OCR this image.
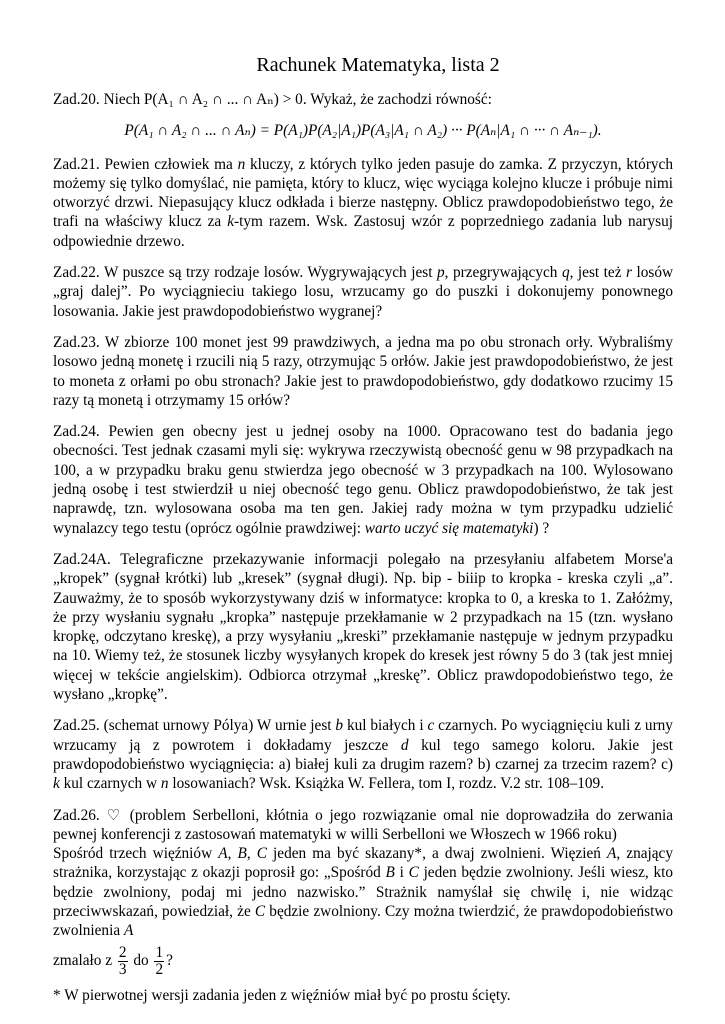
Rachunek Matematyka, lista 2

Zad.20. Niech P(A₁ ∩ A₂ ∩ ... ∩ Aₙ) > 0. Wykaż, że zachodzi równość:

P(A₁ ∩ A₂ ∩ ... ∩ Aₙ) = P(A₁)P(A₂|A₁)P(A₃|A₁ ∩ A₂) ··· P(Aₙ|A₁ ∩ ··· ∩ Aₙ₋₁).

Zad.21. Pewien człowiek ma n kluczy, z których tylko jeden pasuje do zamka. Z przyczyn, których możemy się tylko domyślać, nie pamięta, który to klucz, więc wyciąga kolejno klucze i próbuje nimi otworzyć drzwi. Niepasujący klucz odkłada i bierze następny. Oblicz prawdopodobieństwo tego, że trafi na właściwy klucz za k-tym razem. Wsk. Zastosuj wzór z poprzedniego zadania lub narysuj odpowiednie drzewo.

Zad.22. W puszce są trzy rodzaje losów. Wygrywających jest p, przegrywających q, jest też r losów „graj dalej”. Po wyciągnieciu takiego losu, wrzucamy go do puszki i dokonujemy ponownego losowania. Jakie jest prawdopodobieństwo wygranej?

Zad.23. W zbiorze 100 monet jest 99 prawdziwych, a jedna ma po obu stronach orły. Wybraliśmy losowo jedną monetę i rzucili nią 5 razy, otrzymując 5 orłów. Jakie jest prawdopodobieństwo, że jest to moneta z orłami po obu stronach? Jakie jest to prawdopodobieństwo, gdy dodatkowo rzucimy 15 razy tą monetą i otrzymamy 15 orłów?

Zad.24. Pewien gen obecny jest u jednej osoby na 1000. Opracowano test do badania jego obecności. Test jednak czasami myli się: wykrywa rzeczywistą obecność genu w 98 przypadkach na 100, a w przypadku braku genu stwierdza jego obecność w 3 przypadkach na 100. Wylosowano jedną osobę i test stwierdził u niej obecność tego genu. Oblicz prawdopodobieństwo, że tak jest naprawdę, tzn. wylosowana osoba ma ten gen. Jakiej rady można w tym przypadku udzielić wynalazcy tego testu (oprócz ogólnie prawdziwej: warto uczyć się matematyki) ?

Zad.24A. Telegraficzne przekazywanie informacji polegało na przesyłaniu alfabetem Morse'a „kropek” (sygnał krótki) lub „kresek” (sygnał długi). Np. bip - biiip to kropka - kreska czyli „a”. Zauważmy, że to sposób wykorzystywany dziś w informatyce: kropka to 0, a kreska to 1. Załóżmy, że przy wysłaniu sygnału „kropka” następuje przekłamanie w 2 przypadkach na 15 (tzn. wysłano kropkę, odczytano kreskę), a przy wysyłaniu „kreski” przekłamanie następuje w jednym przypadku na 10. Wiemy też, że stosunek liczby wysyłanych kropek do kresek jest równy 5 do 3 (tak jest mniej więcej w tekście angielskim). Odbiorca otrzymał „kreskę”. Oblicz prawdopodobieństwo tego, że wysłano „kropkę”.

Zad.25. (schemat urnowy Pólya) W urnie jest b kul białych i c czarnych. Po wyciągnięciu kuli z urny wrzucamy ją z powrotem i dokładamy jeszcze d kul tego samego koloru. Jakie jest prawdopodobieństwo wyciągnięcia: a) białej kuli za drugim razem? b) czarnej za trzecim razem? c) k kul czarnych w n losowaniach? Wsk. Książka W. Fellera, tom I, rozdz. V.2 str. 108–109.

Zad.26. ♡ (problem Serbelloni, kłótnia o jego rozwiązanie omal nie doprowadziła do zerwania pewnej konferencji z zastosowań matematyki w willi Serbelloni we Włoszech w 1966 roku)

Spośród trzech więźniów A, B, C jeden ma być skazany*, a dwaj zwolnieni. Więzień A, znający strażnika, korzystając z okazji poprosił go: „Spośród B i C jeden będzie zwolniony. Jeśli wiesz, kto będzie zwolniony, podaj mi jedno nazwisko.” Strażnik namyślał się chwilę i, nie widząc przeciwwskazań, powiedział, że C będzie zwolniony. Czy można twierdzić, że prawdopodobieństwo zwolnienia A

zmalało z $\frac{2}{3}$ do $\frac{1}{2}$ ?

* W pierwotnej wersji zadania jeden z więźniów miał być po prostu ścięty.
